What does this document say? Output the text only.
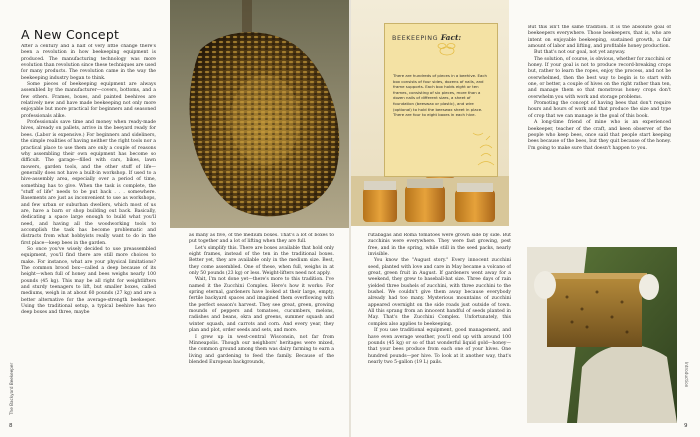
A New Concept

After a century and a half of very little change there's been a revolution in how beekeeping equipment is produced. The manufacturing technology was more evolution than revolution since these techniques are used for many products. The revolution came in the way the beekeeping industry began to think.

Some pieces of beekeeping equipment are always assembled by the manufacturer—covers, bottoms, and a few others. Frames, boxes, and painted beehives are relatively new and have made beekeeping not only more enjoyable but more practical for beginners and seasoned professionals alike.

Professionals save time and money when ready-made hives, already on pallets, arrive in the beeyard ready for bees. (Labor is expensive.) For beginners and sideliners, the simple realities of having neither the right tools nor a practical place to use them are only a couple of reasons why assembling their own equipment has become so difficult. The garage—filled with cars, bikes, lawn mowers, garden tools, and the other stuff of life—generally does not have a built-in workshop. If used to a hive-assembly area, especially over a period of time, something has to give. When the task is complete, the "stuff of life" needs to be put back . . . somewhere. Basements are just as inconvenient to use as workshops, and few urban or suburban dwellers, which most of us are, have a barn or shop building out back. Basically, dedicating a space large enough to build what you'll need, and having all the woodworking tools to accomplish the task has become problematic and distracts from what hobbyists really want to do in the first place—keep bees in the garden.

So once you've wisely decided to use preassembled equipment, you'll find there are still more choices to make. For instance, what are your physical limitations? The common brood box—called a deep because of its height—when full of honey and bees weighs nearly 100 pounds (45 kg). This may be all right for weightlifters and sturdy teenagers to lift, but smaller boxes, called mediums, weigh in at about 60 pounds (27 kg) and are a better alternative for the average-strength beekeeper. Using the traditional setup, a typical beehive has two deep boxes and three, maybe

as many as five, of the medium boxes. That's a lot of boxes to put together and a lot of lifting when they are full.

Let's simplify this. There are boxes available that hold only eight frames, instead of the ten in the traditional boxes. Better yet, they are available only in the medium size. Best, they come assembled. One of these, when full, weighs in at only 50 pounds (23 kg) or less. Weight-lifters need not apply.

Wait, I'm not done yet—there's more to this tradition. I've named it the Zucchini Complex. Here's how it works: For spring eternal, gardeners have looked at their large, empty, fertile backyard spaces and imagined them overflowing with the perfect season's harvest. They see great, green, growing mounds of peppers and tomatoes, cucumbers, melons, radishes and beans, okra and greens, summer squash and winter squash, and carrots and corn. And every year, they plan and plot, order seeds and sets, and more.

I grew up in west-central Wisconsin, not far from Minneapolis. Though our neighbors' heritages were mixed, the common ground among them was dairy farming to earn a living and gardening to feed the family. Because of the blended European backgrounds,

The Backyard Beekeeper
8
BEEKEEPING Fact:
There are hundreds of pieces in a beehive. Each box consists of four sides, dozens of nails, and frame supports. Each box holds eight or ten frames, consisting of six pieces, more than a dozen nails of different sizes, a sheet of foundation (beeswax or plastic), and wire (optional) to hold the beeswax sheet in place. There are four to eight boxes in each hive.

rutabagas and Roma tomatoes were grown side by side. But zucchinis were everywhere. They were fast growing, pest free, and in the spring, while still in the seed packs, nearly invisible.

You know the "August story." Every innocent zucchini seed, planted with love and care in May became a volcano of great, green fruit in August. If gardeners went away for a weekend, they grew to baseball-bat size. Three days of rain yielded three bushels of zucchini, with three zucchini to the bushel. We couldn't give them away because everybody already had too many. Mysterious mountains of zucchini appeared overnight on the side roads just outside of town. All this sprang from an innocent handful of seeds planted in May. That's the Zucchini Complex. Unfortunately, this complex also applies to beekeeping.

If you use traditional equipment, good management, and have even average weather, you'll end up with around 100 pounds (45 kg) or so of that wonderful liquid gold—honey—that your bees produce from each one of your hives. One hundred pounds—per hive. To look at it another way, that's nearly two 5-gallon (19 L) pails.

But this isn't the same tradition. It is the absolute goal of beekeepers everywhere. Those beekeepers, that is, who are intent on enjoyable beekeeping, sustained growth, a fair amount of labor and lifting, and profitable honey production.

But that's not our goal, not yet anyway.

The solution, of course, is obvious, whether for zucchini or honey. If your goal is not to produce record-breaking crops but, rather to learn the ropes, enjoy the process, and not be overwhelmed, then the best way to begin is to start with one, or better, a couple of hives on the right rather than ten, and manage them so that monstrous honey crops don't overwhelm you with work and storage problems.

Promoting the concept of having bees that don't require hours and hours of work and that produce the size and type of crop that we can manage is the goal of this book.

A long-time friend of mine who is an experienced beekeeper, teacher of the craft, and keen observer of the people who keep bees, once said that people start keeping bees because of the bees, but they quit because of the honey. I'm going to make sure that doesn't happen to you.

Introduction
9
